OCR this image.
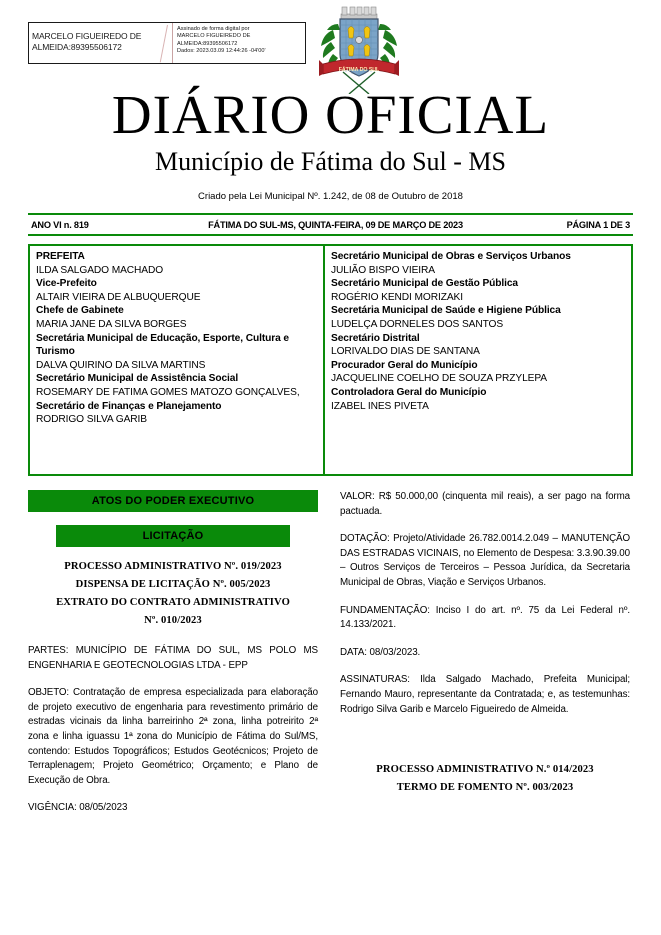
MARCELO FIGUEIREDO DE
ALMEIDA:89395506172
Assinado de forma digital por
MARCELO FIGUEIREDO DE
ALMEIDA:89395506172
Dados: 2023.03.09 12:44:26 -04'00'
FÁTIMA DO SUL
DIÁRIO OFICIAL
Município de Fátima do Sul - MS
Criado pela Lei Municipal Nº. 1.242, de 08 de Outubro de 2018
ANO VI n. 819	FÁTIMA DO SUL-MS, QUINTA-FEIRA, 09 DE MARÇO DE 2023	PÁGINA 1 DE 3
PREFEITA
ILDA SALGADO MACHADO
Vice-Prefeito
ALTAIR VIEIRA DE ALBUQUERQUE
Chefe de Gabinete
MARIA JANE DA SILVA BORGES
Secretária Municipal de Educação, Esporte, Cultura e Turismo
DALVA QUIRINO DA SILVA MARTINS
Secretário Municipal de Assistência Social
ROSEMARY DE FATIMA GOMES MATOZO GONÇALVES,
Secretário de Finanças e Planejamento
RODRIGO SILVA GARIB
Secretário Municipal de Obras e Serviços Urbanos
JULIÃO BISPO VIEIRA
Secretário Municipal de Gestão Pública
ROGÉRIO KENDI MORIZAKI
Secretária Municipal de Saúde e Higiene Pública
LUDELÇA DORNELES DOS SANTOS
Secretário Distrital
LORIVALDO DIAS DE SANTANA
Procurador Geral do Município
JACQUELINE COELHO DE SOUZA PRZYLEPA
Controladora Geral do Município
IZABEL INES PIVETA
ATOS DO PODER EXECUTIVO
LICITAÇÃO
PROCESSO ADMINISTRATIVO Nº. 019/2023
DISPENSA DE LICITAÇÃO Nº. 005/2023
EXTRATO DO CONTRATO ADMINISTRATIVO
Nº. 010/2023
PARTES: MUNICÍPIO DE FÁTIMA DO SUL, MS POLO MS ENGENHARIA E GEOTECNOLOGIAS LTDA - EPP
OBJETO: Contratação de empresa especializada para elaboração de projeto executivo de engenharia para revestimento primário de estradas vicinais da linha barreirinho 2ª zona, linha potreirito 2ª zona e linha iguassu 1ª zona do Município de Fátima do Sul/MS, contendo: Estudos Topográficos; Estudos Geotécnicos; Projeto de Terraplenagem; Projeto Geométrico; Orçamento; e Plano de Execução de Obra.
VIGÊNCIA: 08/05/2023
VALOR: R$ 50.000,00 (cinquenta mil reais), a ser pago na forma pactuada.
DOTAÇÃO: Projeto/Atividade 26.782.0014.2.049 – MANUTENÇÃO DAS ESTRADAS VICINAIS, no Elemento de Despesa: 3.3.90.39.00 – Outros Serviços de Terceiros – Pessoa Jurídica, da Secretaria Municipal de Obras, Viação e Serviços Urbanos.
FUNDAMENTAÇÃO: Inciso I do art. nº. 75 da Lei Federal nº. 14.133/2021.
DATA: 08/03/2023.
ASSINATURAS: Ilda Salgado Machado, Prefeita Municipal; Fernando Mauro, representante da Contratada; e, as testemunhas: Rodrigo Silva Garib e Marcelo Figueiredo de Almeida.
PROCESSO ADMINISTRATIVO N.º 014/2023
TERMO DE FOMENTO Nº. 003/2023
